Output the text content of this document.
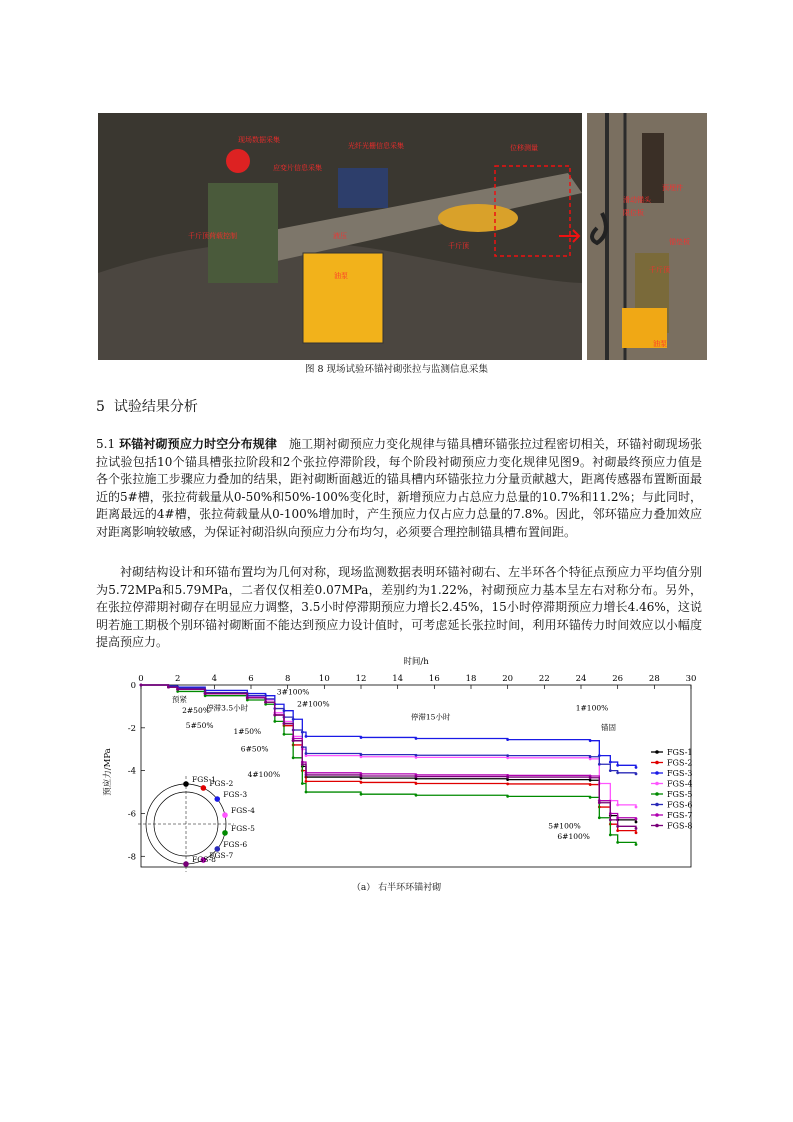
现场数据采集
千斤顶荷载控制
应变片信息采集
光纤光栅信息采集	位移测量
液压
油泵
千斤顶
预埋件
滑动锚头
限位板
锚垫板
千斤顶
油泵
图 8 现场试验环锚衬砌张拉与监测信息采集
5 试验结果分析

5.1 环锚衬砌预应力时空分布规律 施工期衬砌预应力变化规律与锚具槽环锚张拉过程密切相关，环锚衬砌现场张拉试验包括10个锚具槽张拉阶段和2个张拉停滞阶段，每个阶段衬砌预应力变化规律见图9。衬砌最终预应力值是各个张拉施工步骤应力叠加的结果，距衬砌断面越近的锚具槽内环锚张拉力分量贡献越大，距离传感器布置断面最近的5#槽，张拉荷载量从0-50%和50%-100%变化时，新增预应力占总应力总量的10.7%和11.2%；与此同时，距离最远的4#槽，张拉荷载量从0-100%增加时，产生预应力仅占应力总量的7.8%。因此，邻环锚应力叠加效应对距离影响较敏感，为保证衬砌沿纵向预应力分布均匀，必须要合理控制锚具槽布置间距。

衬砌结构设计和环锚布置均为几何对称，现场监测数据表明环锚衬砌右、左半环各个特征点预应力平均值分别为5.72MPa和5.79MPa，二者仅仅相差0.07MPa，差别约为1.22%，衬砌预应力基本呈左右对称分布。另外，在张拉停滞期衬砌存在明显应力调整，3.5小时停滞期预应力增长2.45%，15小时停滞期预应力增长4.46%，这说明若施工期极个别环锚衬砌断面不能达到预应力设计值时，可考虑延长张拉时间，利用环锚传力时间效应以小幅度提高预应力。

时间/h
预应力/MPa
0	2	4	6	8	10	12	14	16	18	20	22	24	26	28	30
0
-2
-4
-6
-8
FGS-1
FGS-2
FGS-3
FGS-4
FGS-5
FGS-6
FGS-7
FGS-8
FGS-1
FGS-2
FGS-3
FGS-4
FGS-5
FGS-6
FGS-7
FGS-8
预紧
2#50%
停滞3.5小时
5#50%
3#100%
1#50%
2#100%
6#50%
4#100%
停滞15小时
1#100%
锚固
5#100%
6#100%
（a） 右半环环锚衬砌
